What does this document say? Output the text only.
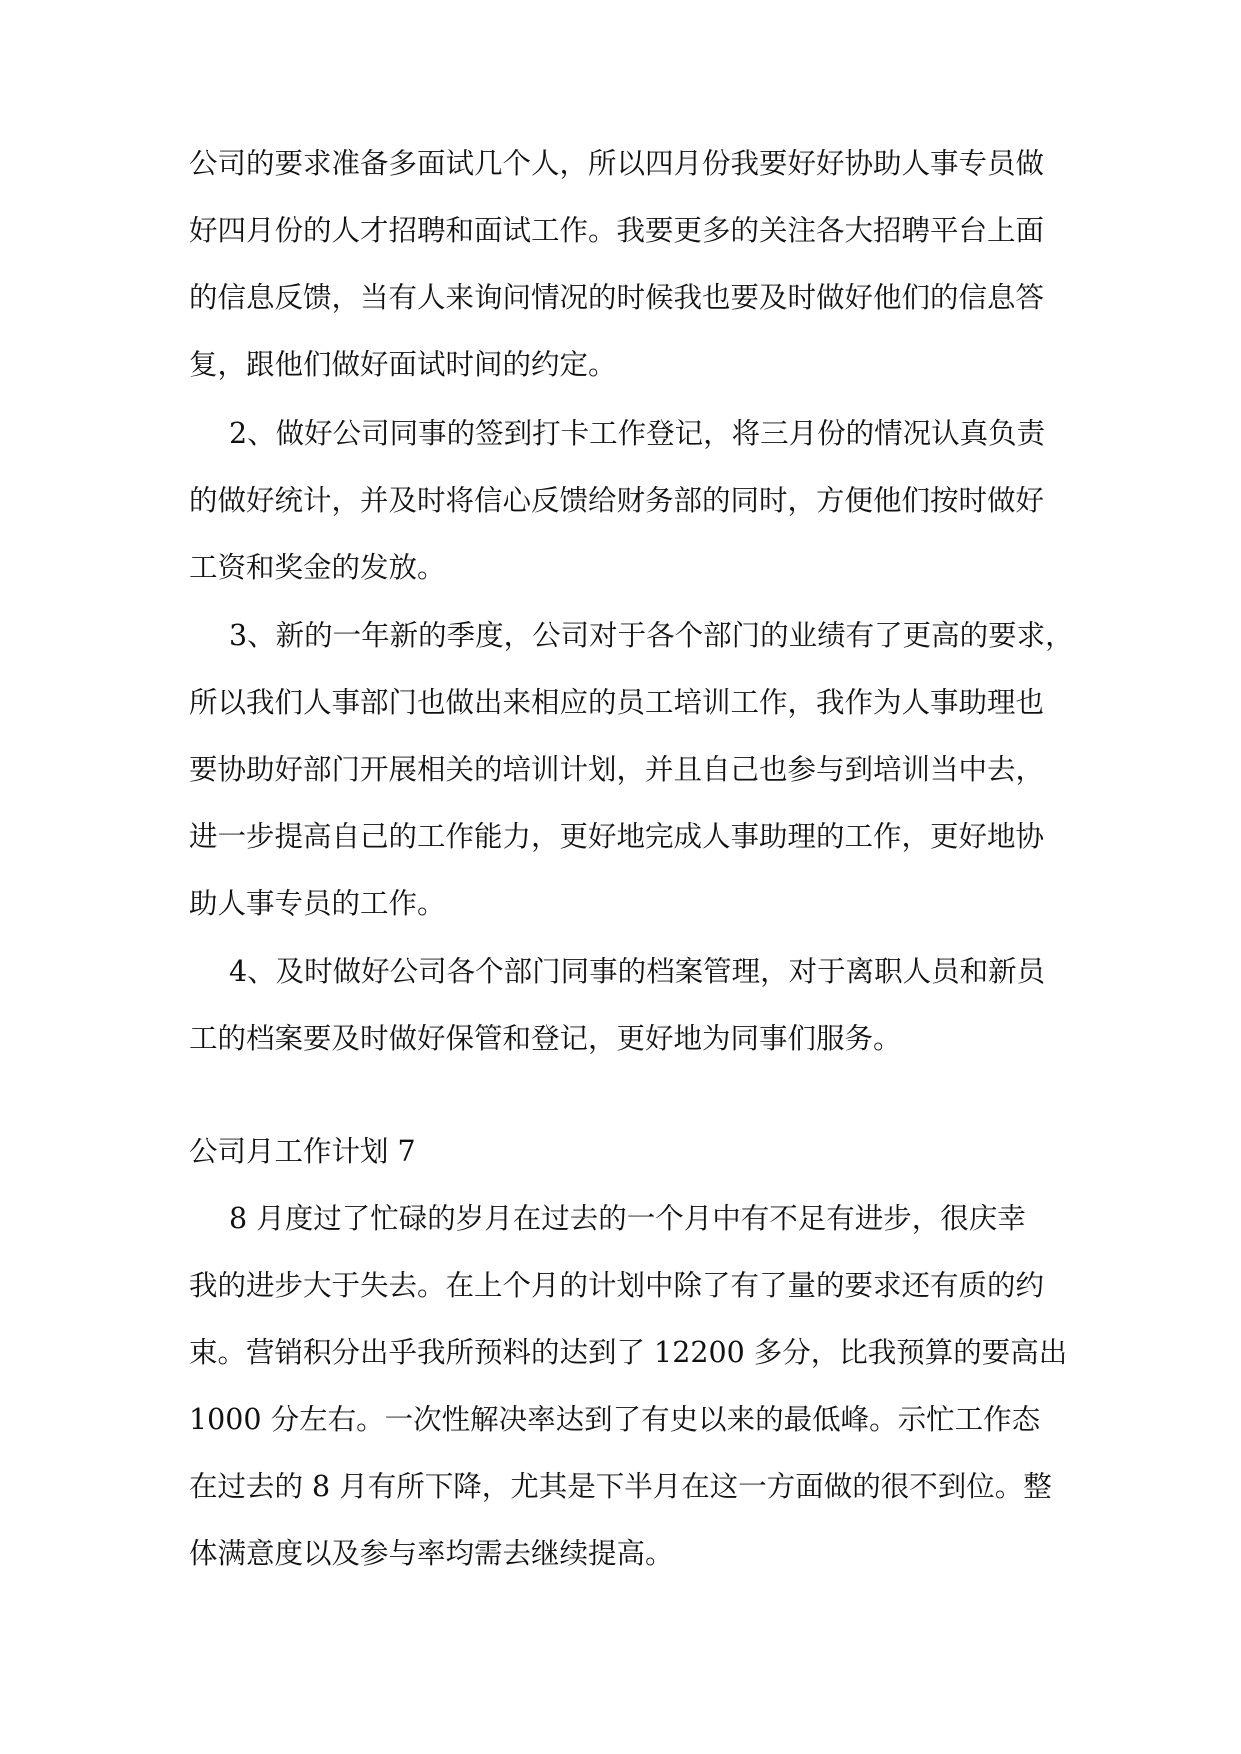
公司的要求准备多面试几个人，所以四月份我要好好协助人事专员做
好四月份的人才招聘和面试工作。我要更多的关注各大招聘平台上面
的信息反馈，当有人来询问情况的时候我也要及时做好他们的信息答
复，跟他们做好面试时间的约定。
2、做好公司同事的签到打卡工作登记，将三月份的情况认真负责
的做好统计，并及时将信心反馈给财务部的同时，方便他们按时做好
工资和奖金的发放。
3、新的一年新的季度，公司对于各个部门的业绩有了更高的要求，
所以我们人事部门也做出来相应的员工培训工作，我作为人事助理也
要协助好部门开展相关的培训计划，并且自己也参与到培训当中去，
进一步提高自己的工作能力，更好地完成人事助理的工作，更好地协
助人事专员的工作。
4、及时做好公司各个部门同事的档案管理，对于离职人员和新员
工的档案要及时做好保管和登记，更好地为同事们服务。
公司月工作计划 7
8 月度过了忙碌的岁月在过去的一个月中有不足有进步，很庆幸
我的进步大于失去。在上个月的计划中除了有了量的要求还有质的约
束。营销积分出乎我所预料的达到了 12200 多分，比我预算的要高出
1000 分左右。一次性解决率达到了有史以来的最低峰。示忙工作态
在过去的 8 月有所下降，尤其是下半月在这一方面做的很不到位。整
体满意度以及参与率均需去继续提高。
